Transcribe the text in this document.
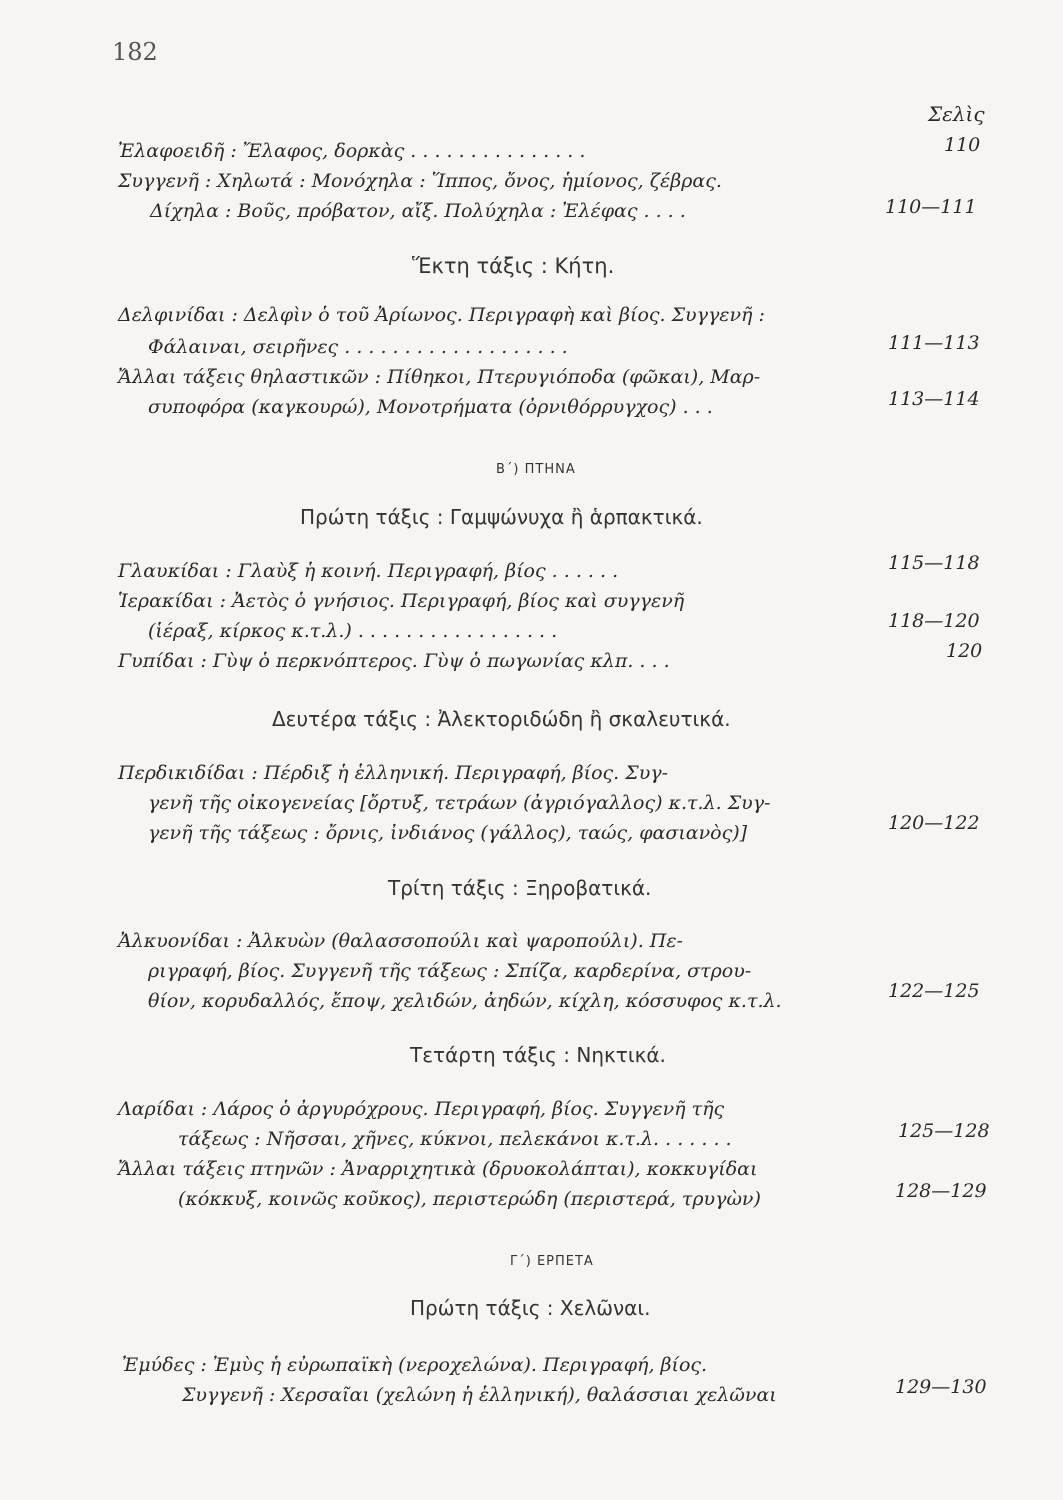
182
Σελὶς
Ἐλαφοειδῆ : Ἔλαφος, δορκὰς . . . . . . . . . . . . . . .	110
Συγγενῆ : Χηλωτά : Μονόχηλα : Ἵππος, ὄνος, ἡμίονος, ζέβρας.
Δίχηλα : Βοῦς, πρόβατον, αἴξ. Πολύχηλα : Ἐλέφας . . . .	110—111
Ἕκτη τάξις : Κήτη.
Δελφινίδαι : Δελφὶν ὁ τοῦ Ἀρίωνος. Περιγραφὴ καὶ βίος. Συγγενῆ :
Φάλαιναι, σειρῆνες . . . . . . . . . . . . . . . . . . .	111—113
Ἄλλαι τάξεις θηλαστικῶν : Πίθηκοι, Πτερυγιόποδα (φῶκαι), Μαρ-
συποφόρα (καγκουρώ), Μονοτρήματα (ὀρνιθόρρυγχος) . . .	113—114
Β΄) ΠΤΗΝΑ
Πρώτη τάξις : Γαμψώνυχα ἢ ἁρπακτικά.
Γλαυκίδαι : Γλαὺξ ἡ κοινή. Περιγραφή, βίος . . . . . .	115—118
Ἱερακίδαι : Ἀετὸς ὁ γνήσιος. Περιγραφή, βίος καὶ συγγενῆ
(ἱέραξ, κίρκος κ.τ.λ.) . . . . . . . . . . . . . . . . .	118—120
Γυπίδαι : Γὺψ ὁ περκνόπτερος. Γὺψ ὁ πωγωνίας κλπ. . . .	120
Δευτέρα τάξις : Ἀλεκτοριδώδη ἢ σκαλευτικά.
Περδικιδίδαι : Πέρδιξ ἡ ἑλληνική. Περιγραφή, βίος. Συγ-
γενῆ τῆς οἰκογενείας [ὄρτυξ, τετράων (ἀγριόγαλλος) κ.τ.λ. Συγ-
γενῆ τῆς τάξεως : ὄρνις, ἰνδιάνος (γάλλος), ταώς, φασιανὸς)]	120—122
Τρίτη τάξις : Ξηροβατικά.
Ἀλκυονίδαι : Ἀλκυὼν (θαλασσοπούλι καὶ ψαροπούλι). Πε-
ριγραφή, βίος. Συγγενῆ τῆς τάξεως : Σπίζα, καρδερίνα, στρου-
θίον, κορυδαλλός, ἔποψ, χελιδών, ἀηδών, κίχλη, κόσσυφος κ.τ.λ.	122—125
Τετάρτη τάξις : Νηκτικά.
Λαρίδαι : Λάρος ὁ ἀργυρόχρους. Περιγραφή, βίος. Συγγενῆ τῆς
τάξεως : Νῆσσαι, χῆνες, κύκνοι, πελεκάνοι κ.τ.λ. . . . . . .	125—128
Ἄλλαι τάξεις πτηνῶν : Ἀναρριχητικὰ (δρυοκολάπται), κοκκυγίδαι
(κόκκυξ, κοινῶς κοῦκος), περιστερώδη (περιστερά, τρυγὼν)	128—129
Γ΄) ΕΡΠΕΤΑ
Πρώτη τάξις : Χελῶναι.
Ἐμύδες : Ἐμὺς ἡ εὐρωπαϊκὴ (νεροχελώνα). Περιγραφή, βίος.
Συγγενῆ : Χερσαῖαι (χελώνη ἡ ἑλληνική), θαλάσσιαι χελῶναι	129—130
